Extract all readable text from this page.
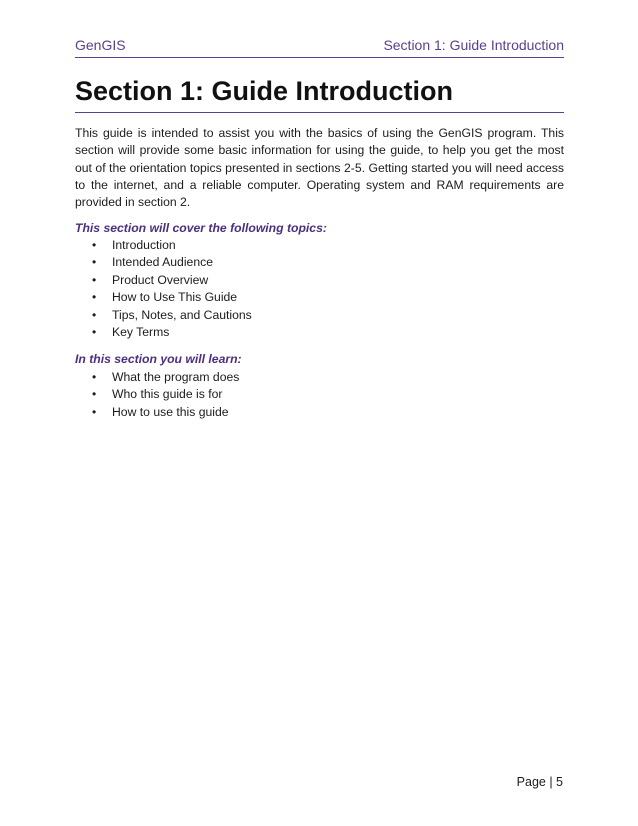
GenGIS	Section 1: Guide Introduction
Section 1: Guide Introduction

This guide is intended to assist you with the basics of using the GenGIS program. This section will provide some basic information for using the guide, to help you get the most out of the orientation topics presented in sections 2-5. Getting started you will need access to the internet, and a reliable computer. Operating system and RAM requirements are provided in section 2.

This section will cover the following topics:

• Introduction
• Intended Audience
• Product Overview
• How to Use This Guide
• Tips, Notes, and Cautions
• Key Terms

In this section you will learn:

• What the program does
• Who this guide is for
• How to use this guide
Page | 5
